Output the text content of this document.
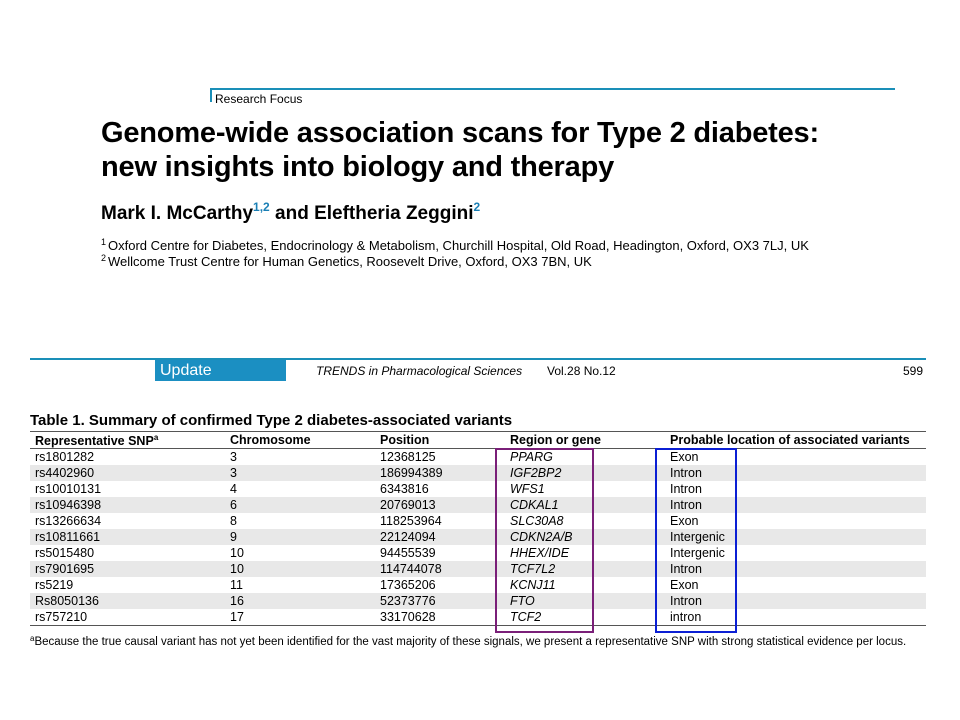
Research Focus
Genome-wide association scans for Type 2 diabetes:
new insights into biology and therapy
Mark I. McCarthy$^{1,2}$ and Eleftheria Zeggini$^2$
$^1$ Oxford Centre for Diabetes, Endocrinology & Metabolism, Churchill Hospital, Old Road, Headington, Oxford, OX3 7LJ, UK
$^2$ Wellcome Trust Centre for Human Genetics, Roosevelt Drive, Oxford, OX3 7BN, UK
Update	TRENDS in Pharmacological Sciences Vol.28 No.12	599
Table 1. Summary of confirmed Type 2 diabetes-associated variants
Representative SNP$^a$	Chromosome	Position	Region or gene	Probable location of associated variants
rs1801282	3	12368125	PPARG	Exon
rs4402960	3	186994389	IGF2BP2	Intron
rs10010131	4	6343816	WFS1	Intron
rs10946398	6	20769013	CDKAL1	Intron
rs13266634	8	118253964	SLC30A8	Exon
rs10811661	9	22124094	CDKN2A/B	Intergenic
rs5015480	10	94455539	HHEX/IDE	Intergenic
rs7901695	10	114744078	TCF7L2	Intron
rs5219	11	17365206	KCNJ11	Exon
Rs8050136	16	52373776	FTO	Intron
rs757210	17	33170628	TCF2	intron
$^a$Because the true causal variant has not yet been identified for the vast majority of these signals, we present a representative SNP with strong statistical evidence per locus.
